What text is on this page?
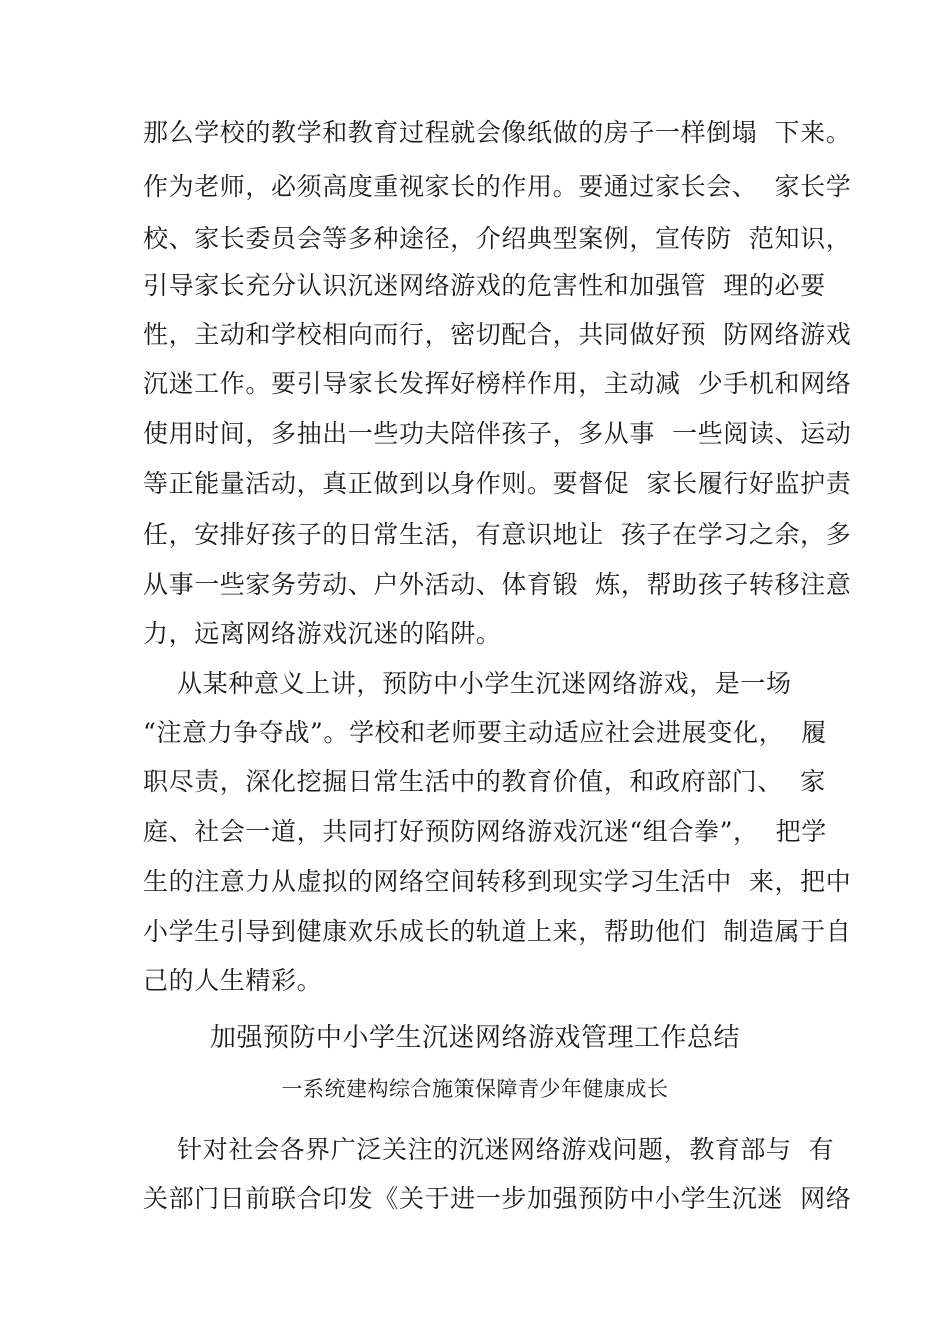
那么学校的教学和教育过程就会像纸做的房子一样倒塌  下来。
作为老师，必须高度重视家长的作用。要通过家长会、  家长学
校、家长委员会等多种途径，介绍典型案例，宣传防  范知识，
引导家长充分认识沉迷网络游戏的危害性和加强管  理的必要
性，主动和学校相向而行，密切配合，共同做好预  防网络游戏
沉迷工作。要引导家长发挥好榜样作用，主动减  少手机和网络
使用时间，多抽出一些功夫陪伴孩子，多从事  一些阅读、运动
等正能量活动，真正做到以身作则。要督促  家长履行好监护责
任，安排好孩子的日常生活，有意识地让  孩子在学习之余，多
从事一些家务劳动、户外活动、体育锻  炼，帮助孩子转移注意
力，远离网络游戏沉迷的陷阱。
从某种意义上讲，预防中小学生沉迷网络游戏，是一场
“注意力争夺战”。学校和老师要主动适应社会进展变化，  履
职尽责，深化挖掘日常生活中的教育价值，和政府部门、  家
庭、社会一道，共同打好预防网络游戏沉迷“组合拳”，  把学
生的注意力从虚拟的网络空间转移到现实学习生活中  来，把中
小学生引导到健康欢乐成长的轨道上来，帮助他们  制造属于自
己的人生精彩。
加强预防中小学生沉迷网络游戏管理工作总结
一系统建构综合施策保障青少年健康成长
针对社会各界广泛关注的沉迷网络游戏问题，教育部与  有
关部门日前联合印发《关于进一步加强预防中小学生沉迷  网络
